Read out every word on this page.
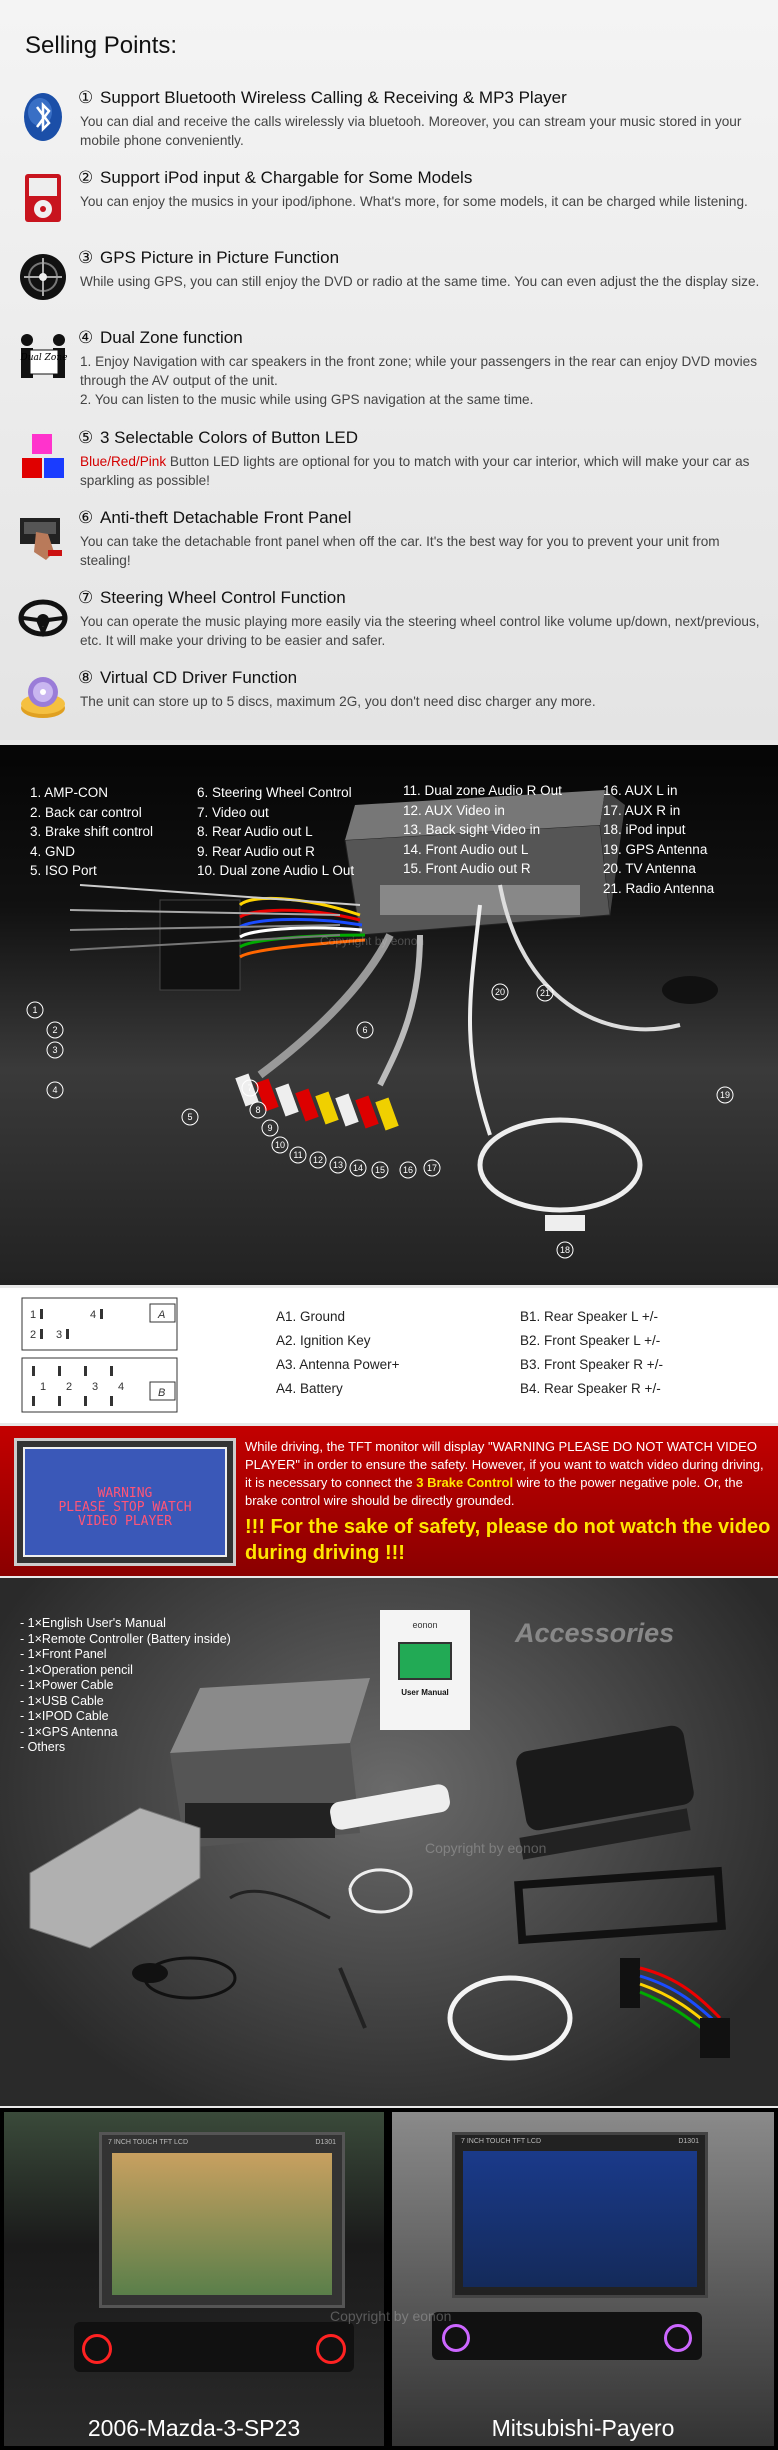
Selling Points:
① Support Bluetooth Wireless Calling & Receiving & MP3 Player
You can dial and receive the calls wirelessly via bluetooh. Moreover, you can stream your music stored in your mobile phone conveniently.
② Support iPod input & Chargable for Some Models
You can enjoy the musics in your ipod/iphone. What's more, for some models, it can be charged while listening.
③ GPS Picture in Picture Function
While using GPS, you can still enjoy the DVD or radio at the same time. You can even adjust the the display size.
Dual Zone
④ Dual Zone function
1. Enjoy Navigation with car speakers in the front zone; while your passengers in the rear can enjoy DVD movies through the AV output of the unit.
2. You can listen to the music while using GPS navigation at the same time.
⑤ 3 Selectable Colors of Button LED
Blue/Red/Pink Button LED lights are optional for you to match with your car interior, which will make your car as sparkling as possible!
⑥ Anti-theft Detachable Front Panel
You can take the detachable front panel when off the car. It's the best way for you to prevent your unit from stealing!
⑦ Steering Wheel Control Function
You can operate the music playing more easily via the steering wheel control like volume up/down, next/previous, etc. It will make your driving to be easier and safer.
⑧ Virtual CD Driver Function
The unit can store up to 5 discs, maximum 2G, you don't need disc charger any more.
1
2
3
4
5
6
7
8
9
10
11 12 13 14 15 16 17
18
19
20	21
Copyright by eonon
1. AMP-CON
2. Back car control
3. Brake shift control
4. GND
5. ISO Port
6. Steering Wheel Control
7. Video out
8. Rear Audio out L
9. Rear Audio out R
10. Dual zone Audio L Out
11. Dual zone Audio R Out
12. AUX Video in
13. Back sight Video in
14. Front Audio out L
15. Front Audio out R
16. AUX L in
17. AUX R in
18. iPod input
19. GPS Antenna
20. TV Antenna
21. Radio Antenna
1	4
2 3
A
B
1 2 3 4
A1. Ground
A2. Ignition Key
A3. Antenna Power+
A4. Battery
B1. Rear Speaker L +/-
B2. Front Speaker L +/-
B3. Front Speaker R +/-
B4. Rear Speaker R +/-
WARNING
PLEASE STOP WATCH
VIDEO PLAYER
While driving, the TFT monitor will display "WARNING PLEASE DO NOT WATCH VIDEO PLAYER" in order to ensure the safety. However, if you want to watch video during driving, it is necessary to connect the 3 Brake Control wire to the power negative pole. Or, the brake control wire should be directly grounded.
!!! For the sake of safety, please do not watch the video during driving !!!
- 1×English User's Manual
- 1×Remote Controller (Battery inside)
- 1×Front Panel
- 1×Operation pencil
- 1×Power Cable
- 1×USB Cable
- 1×IPOD Cable
- 1×GPS Antenna
- Others
Accessories
eonon
User Manual
Copyright by eonon
7 INCH TOUCH TFT LCD	D1301
2006-Mazda-3-SP23
7 INCH TOUCH TFT LCD	D1301
Mitsubishi-Payero
Copyright by eonon
